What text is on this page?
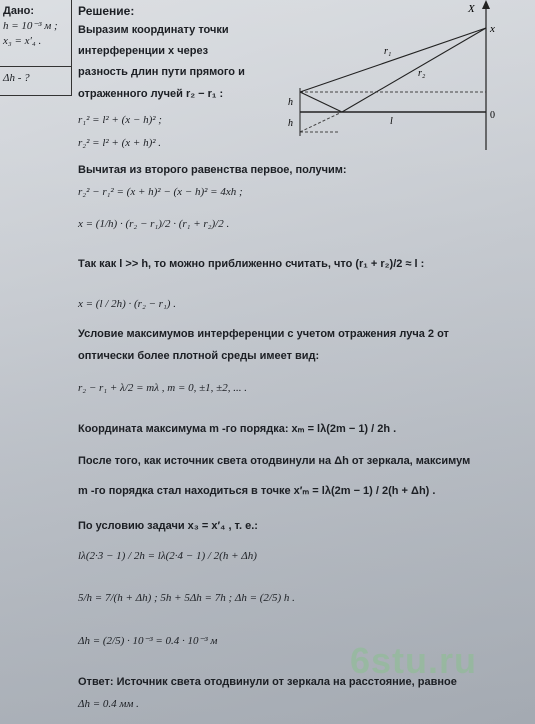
Дано:
h = 10⁻³ м ;
x₃ = x′₄ .
Δh - ?
Решение:
Выразим координату точки
интерференции x через
разность длин пути прямого и
отраженного лучей r₂ − r₁ :
r₁² = l² + (x − h)² ;
r₂² = l² + (x + h)² .
Вычитая из второго равенства первое, получим:
r₂² − r₁² = (x + h)² − (x − h)² = 4xh ;
x = (1/h) · (r₂ − r₁)/2 · (r₁ + r₂)/2 .
Так как l >> h, то можно приближенно считать, что (r₁ + r₂)/2 ≈ l :
x = (l / 2h) · (r₂ − r₁) .
Условие максимумов интерференции с учетом отражения луча 2 от
оптически более плотной среды имеет вид:
r₂ − r₁ + λ/2 = mλ , m = 0, ±1, ±2, ... .
Координата максимума m -го порядка: xₘ = lλ(2m − 1) / 2h .
После того, как источник света отодвинули на Δh от зеркала, максимум
m -го порядка стал находиться в точке x′ₘ = lλ(2m − 1) / 2(h + Δh) .
По условию задачи x₃ = x′₄ , т. е.:
lλ(2·3 − 1) / 2h = lλ(2·4 − 1) / 2(h + Δh)
5/h = 7/(h + Δh) ; 5h + 5Δh = 7h ; Δh = (2/5) h .
Δh = (2/5) · 10⁻³ = 0.4 · 10⁻³ м
Ответ: Источник света отодвинули от зеркала на расстояние, равное
Δh = 0.4 мм .
X
x
r₁
r₂
h
h	l
0
6stu.ru
